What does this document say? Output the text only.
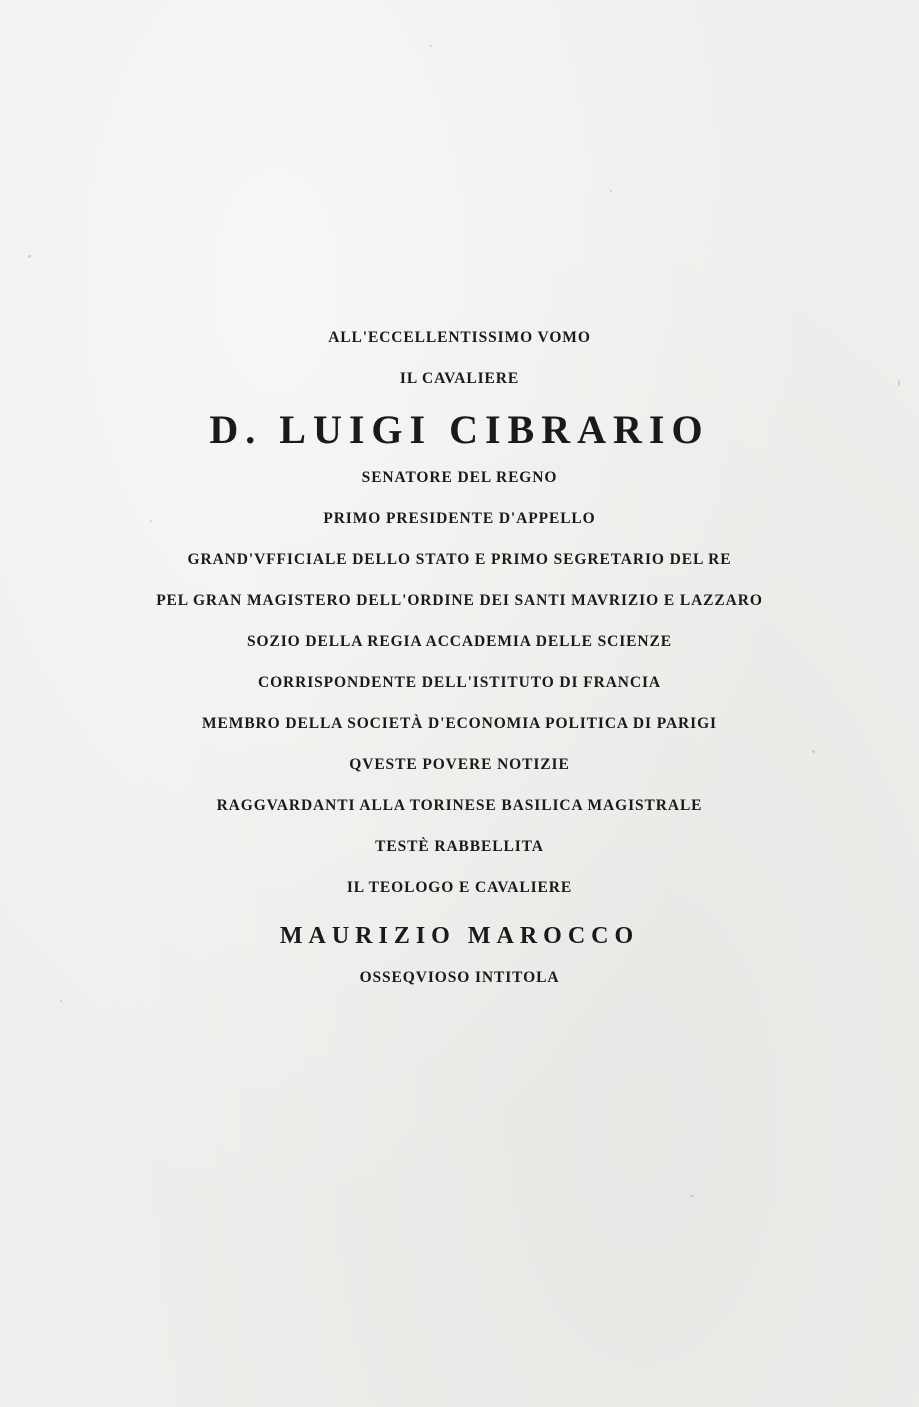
ALL'ECCELLENTISSIMO VOMO
IL CAVALIERE
D. LUIGI CIBRARIO
SENATORE DEL REGNO
PRIMO PRESIDENTE D'APPELLO
GRAND'VFFICIALE DELLO STATO E PRIMO SEGRETARIO DEL RE
PEL GRAN MAGISTERO DELL'ORDINE DEI SANTI MAVRIZIO E LAZZARO
SOZIO DELLA REGIA ACCADEMIA DELLE SCIENZE
CORRISPONDENTE DELL'ISTITUTO DI FRANCIA
MEMBRO DELLA SOCIETÀ D'ECONOMIA POLITICA DI PARIGI
QVESTE POVERE NOTIZIE
RAGGVARDANTI ALLA TORINESE BASILICA MAGISTRALE
TESTÈ RABBELLITA
IL TEOLOGO E CAVALIERE
MAURIZIO MAROCCO
OSSEQVIOSO INTITOLA
